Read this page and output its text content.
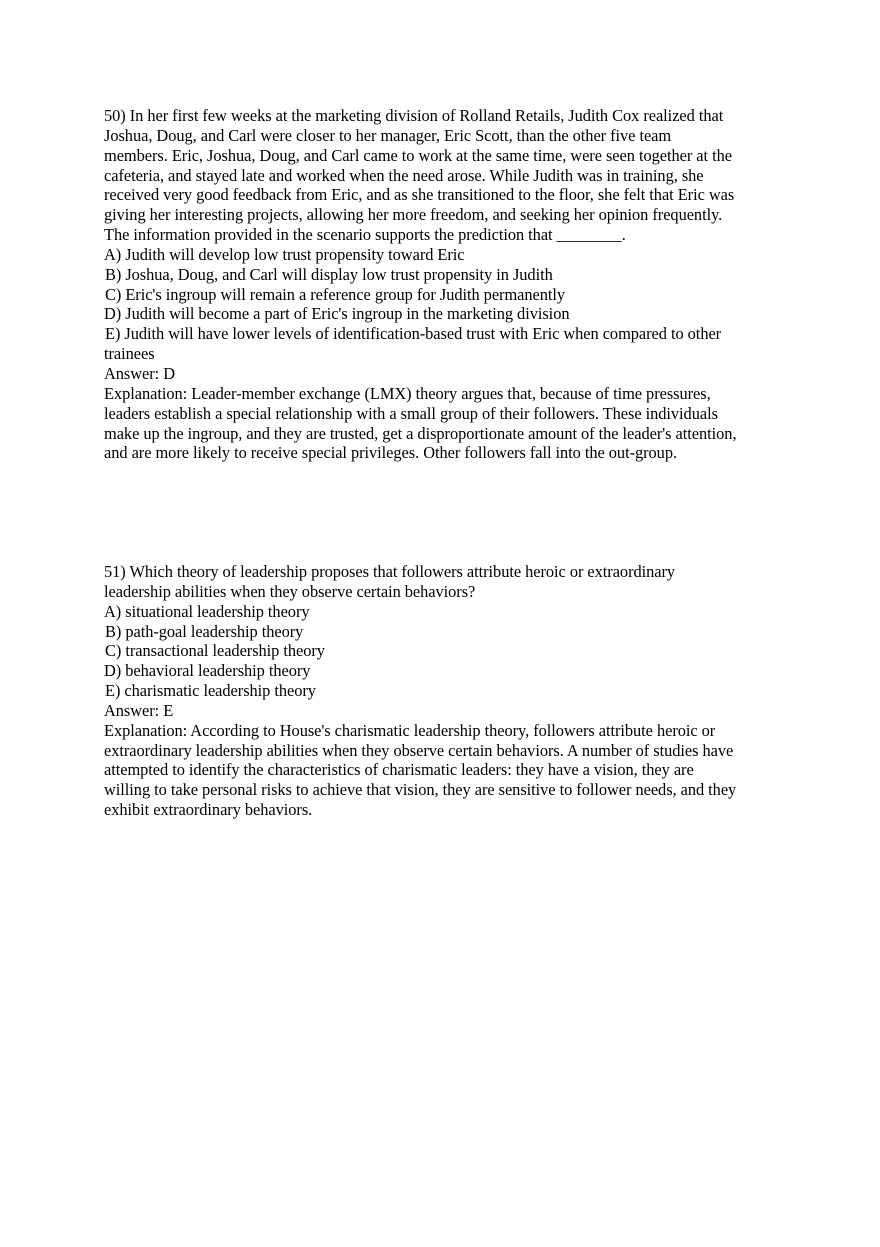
50) In her first few weeks at the marketing division of Rolland Retails, Judith Cox realized that
Joshua, Doug, and Carl were closer to her manager, Eric Scott, than the other five team
members. Eric, Joshua, Doug, and Carl came to work at the same time, were seen together at the
cafeteria, and stayed late and worked when the need arose. While Judith was in training, she
received very good feedback from Eric, and as she transitioned to the floor, she felt that Eric was
giving her interesting projects, allowing her more freedom, and seeking her opinion frequently.
The information provided in the scenario supports the prediction that ________.
A) Judith will develop low trust propensity toward Eric
B) Joshua, Doug, and Carl will display low trust propensity in Judith
C) Eric's ingroup will remain a reference group for Judith permanently
D) Judith will become a part of Eric's ingroup in the marketing division
E) Judith will have lower levels of identification-based trust with Eric when compared to other
trainees
Answer: D
Explanation: Leader-member exchange (LMX) theory argues that, because of time pressures,
leaders establish a special relationship with a small group of their followers. These individuals
make up the ingroup, and they are trusted, get a disproportionate amount of the leader's attention,
and are more likely to receive special privileges. Other followers fall into the out-group.
51) Which theory of leadership proposes that followers attribute heroic or extraordinary
leadership abilities when they observe certain behaviors?
A) situational leadership theory
B) path-goal leadership theory
C) transactional leadership theory
D) behavioral leadership theory
E) charismatic leadership theory
Answer: E
Explanation: According to House's charismatic leadership theory, followers attribute heroic or
extraordinary leadership abilities when they observe certain behaviors. A number of studies have
attempted to identify the characteristics of charismatic leaders: they have a vision, they are
willing to take personal risks to achieve that vision, they are sensitive to follower needs, and they
exhibit extraordinary behaviors.
